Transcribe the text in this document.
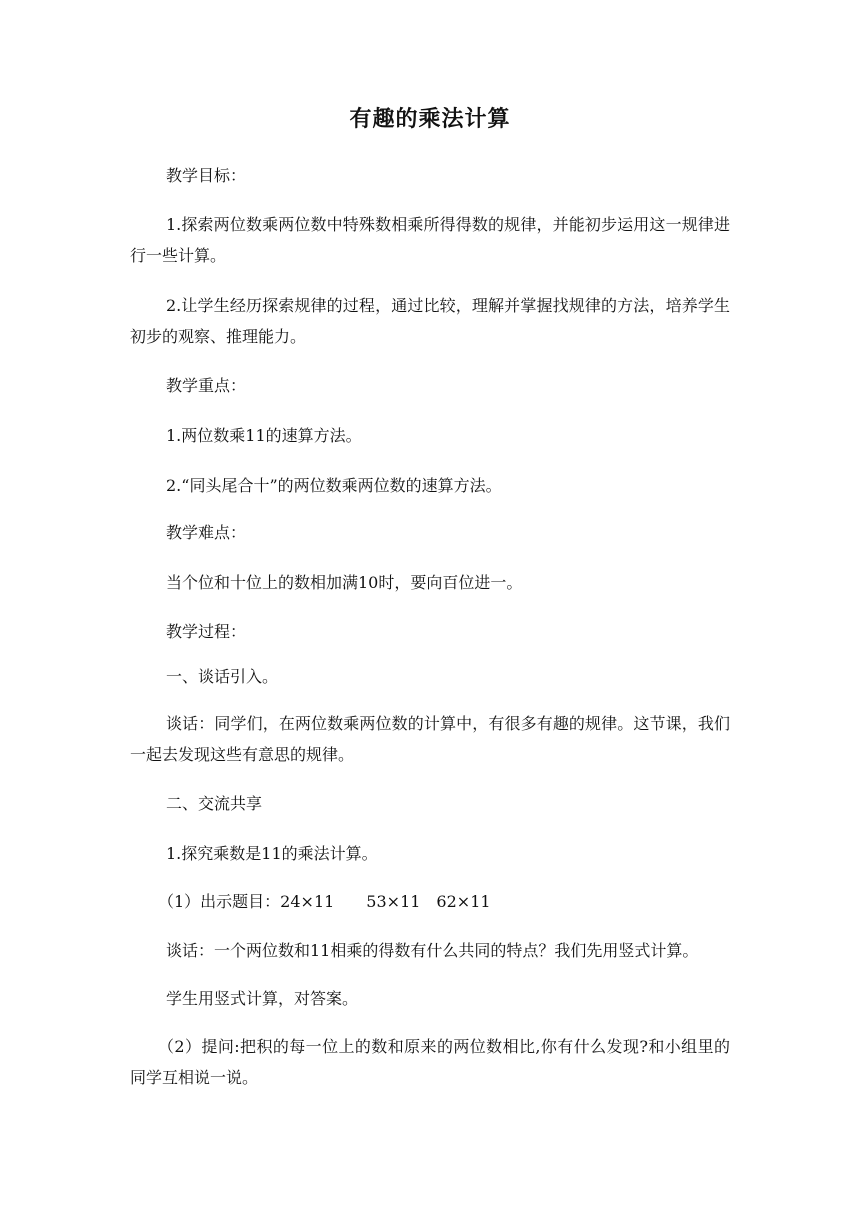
有趣的乘法计算

教学目标：

1.探索两位数乘两位数中特殊数相乘所得得数的规律，并能初步运用这一规律进行一些计算。

2.让学生经历探索规律的过程，通过比较，理解并掌握找规律的方法，培养学生初步的观察、推理能力。

教学重点：

1.两位数乘11的速算方法。

2.“同头尾合十”的两位数乘两位数的速算方法。

教学难点：

当个位和十位上的数相加满10时，要向百位进一。

教学过程：

一、谈话引入。

谈话：同学们，在两位数乘两位数的计算中，有很多有趣的规律。这节课，我们一起去发现这些有意思的规律。

二、交流共享

1.探究乘数是11的乘法计算。

（1）出示题目：24×11　　53×11　62×11

谈话：一个两位数和11相乘的得数有什么共同的特点？我们先用竖式计算。

学生用竖式计算，对答案。

（2）提问:把积的每一位上的数和原来的两位数相比,你有什么发现?和小组里的同学互相说一说。
